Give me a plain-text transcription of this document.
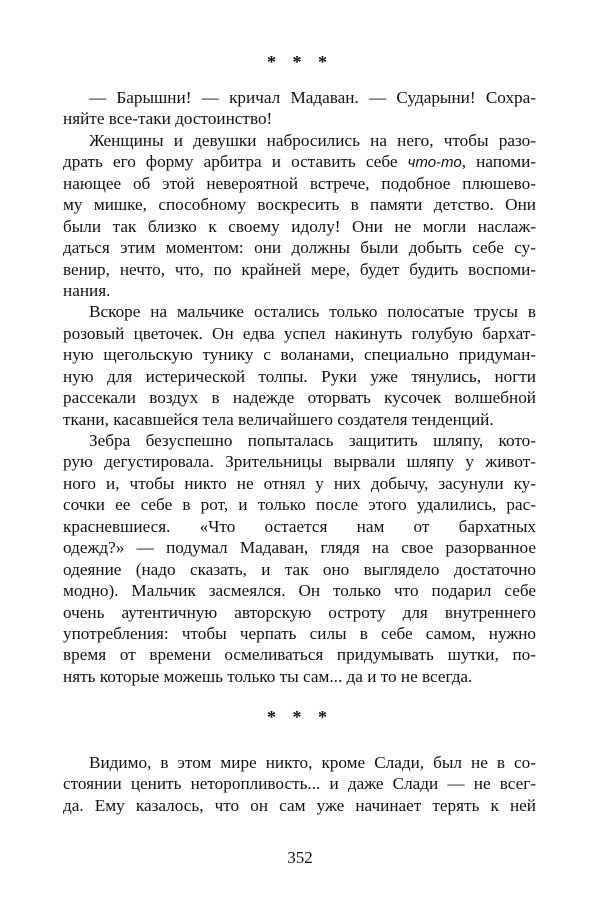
* * *
— Барышни! — кричал Мадаван. — Сударыни! Сохра-
няйте все-таки достоинство!
Женщины и девушки набросились на него, чтобы разо-
драть его форму арбитра и оставить себе что-то, напоми-
нающее об этой невероятной встрече, подобное плюшево-
му мишке, способному воскресить в памяти детство. Они
были так близко к своему идолу! Они не могли наслаж-
даться этим моментом: они должны были добыть себе су-
венир, нечто, что, по крайней мере, будет будить воспоми-
нания.
Вскоре на мальчике остались только полосатые трусы в
розовый цветочек. Он едва успел накинуть голубую бархат-
ную щегольскую тунику с воланами, специально придуман-
ную для истерической толпы. Руки уже тянулись, ногти
рассекали воздух в надежде оторвать кусочек волшебной
ткани, касавшейся тела величайшего создателя тенденций.
Зебра безуспешно попыталась защитить шляпу, кото-
рую дегустировала. Зрительницы вырвали шляпу у живот-
ного и, чтобы никто не отнял у них добычу, засунули ку-
сочки ее себе в рот, и только после этого удалились, рас-
красневшиеся. «Что остается нам от бархатных
одежд?» — подумал Мадаван, глядя на свое разорванное
одеяние (надо сказать, и так оно выглядело достаточно
модно). Мальчик засмеялся. Он только что подарил себе
очень аутентичную авторскую остроту для внутреннего
употребления: чтобы черпать силы в себе самом, нужно
время от времени осмеливаться придумывать шутки, по-
нять которые можешь только ты сам... да и то не всегда.
* * *
Видимо, в этом мире никто, кроме Слади, был не в со-
стоянии ценить неторопливость... и даже Слади — не всег-
да. Ему казалось, что он сам уже начинает терять к ней
352
